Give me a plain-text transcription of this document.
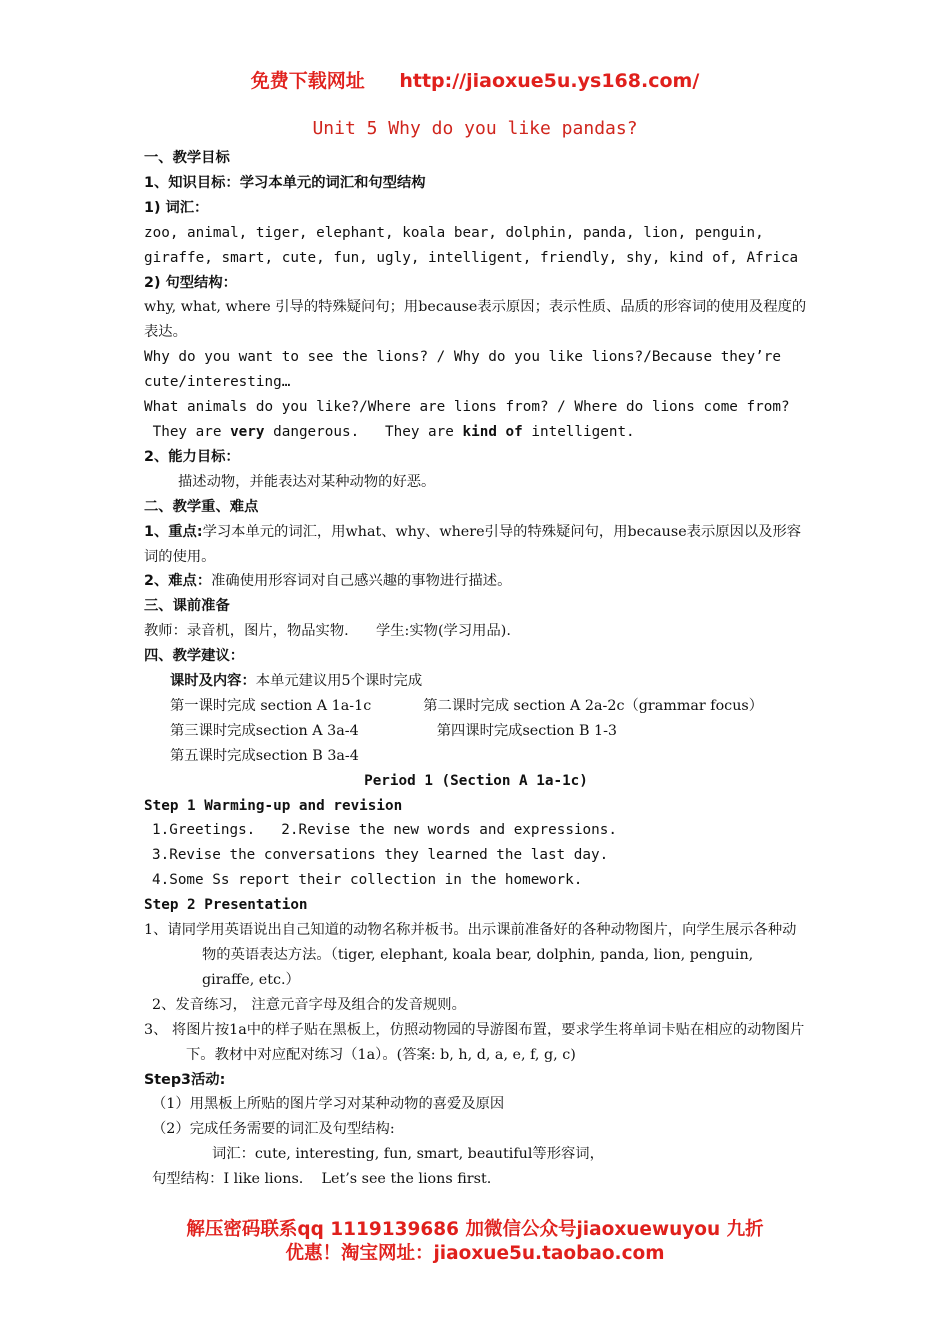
免费下载网址 http://jiaoxue5u.ys168.com/
Unit 5 Why do you like pandas?

一、教学目标

1、知识目标：学习本单元的词汇和句型结构

1) 词汇：

zoo, animal, tiger, elephant, koala bear, dolphin, panda, lion, penguin,

giraffe, smart, cute, fun, ugly, intelligent, friendly, shy, kind of, Africa

2) 句型结构：

why, what, where 引导的特殊疑问句；用because表示原因；表示性质、品质的形容词的使用及程度的表达。

Why do you want to see the lions? / Why do you like lions?/Because they’re cute/interesting…

What animals do you like?/Where are lions from? / Where do lions come from?

They are very dangerous.   They are kind of intelligent.

2、能力目标：

描述动物，并能表达对某种动物的好恶。

二、教学重、难点

1、重点:学习本单元的词汇，用what、why、where引导的特殊疑问句，用because表示原因以及形容词的使用。

2、难点：准确使用形容词对自己感兴趣的事物进行描述。

三、课前准备

教师：录音机，图片，物品实物.      学生:实物(学习用品).

四、教学建议：

课时及内容：本单元建议用5个课时完成

第一课时完成 section A 1a-1c	第二课时完成 section A 2a-2c（grammar focus）

第三课时完成section A 3a-4	第四课时完成section B 1-3

第五课时完成section B 3a-4

Period 1 (Section A 1a-1c)

Step 1 Warming-up and revision

1.Greetings. 2.Revise the new words and expressions.

3.Revise the conversations they learned the last day.

4.Some Ss report their collection in the homework.

Step 2 Presentation

1、请同学用英语说出自己知道的动物名称并板书。出示课前准备好的各种动物图片，向学生展示各种动物的英语表达方法。（tiger, elephant, koala bear, dolphin, panda, lion, penguin, giraffe, etc.）

2、发音练习， 注意元音字母及组合的发音规则。

3、 将图片按1a中的样子贴在黑板上，仿照动物园的导游图布置，要求学生将单词卡贴在相应的动物图片下。教材中对应配对练习（1a）。(答案: b, h, d, a, e, f, g, c)

Step3活动:

（1）用黑板上所贴的图片学习对某种动物的喜爱及原因

（2）完成任务需要的词汇及句型结构:

词汇：cute, interesting, fun, smart, beautiful等形容词，

句型结构：I like lions.    Let’s see the lions first.

解压密码联系qq 1119139686 加微信公众号jiaoxuewuyou 九折
优惠！淘宝网址：jiaoxue5u.taobao.com
